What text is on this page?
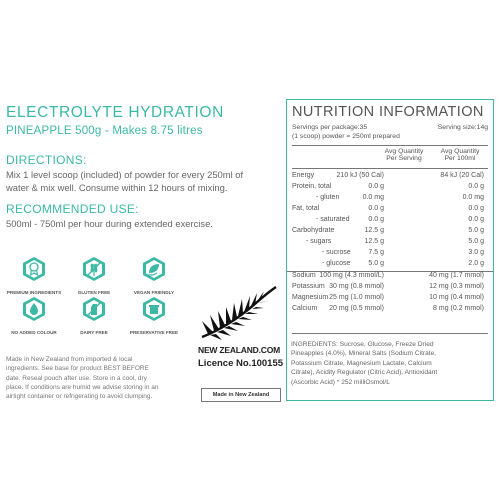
ELECTROLYTE HYDRATION
PINEAPPLE 500g - Makes 8.75 litres
DIRECTIONS:
Mix 1 level scoop (included) of powder for every 250ml of
water & mix well. Consume within 12 hours of mixing.
RECOMMENDED USE:
500ml - 750ml per hour during extended exercise.
PREMIUM INGREDIENTS	GLUTEN FREE	VEGAN FRIENDLY
NO ADDED COLOUR	DAIRY FREE	PRESERVATIVE FREE
Made in New Zealand from imported & local
ingredients. See base for product BEST BEFORE
date. Reseal pouch after use. Store in a cool, dry
place. If conditions are humid we advise storing in an
airtight container or refrigerating to avoid clumping.
NEW ZEALAND.COM
Licence No.100155
Made in New Zealand
NUTRITION INFORMATION
Servings per package:35	Serving size:14g
(1 scoop) powder = 250ml prepared
Avg Quantity
Per Serving
Avg Quantity
Per 100ml
Energy	210 kJ (50 Cal)	84 kJ (20 Cal)
Protein, total	0.0 g	0.0 g
- gluten	0.0 mg	0.0 mg
Fat, total	0.0 g	0.0 g
- saturated	0.0 g	0.0 g
Carbohydrate	12.5 g	5.0 g
- sugars	12.5 g	5.0 g
- sucrose	7.5 g	3.0 g
- glucose	5.0 g	2.0 g
Sodium 100 mg (4.3 mmol/L)	40 mg (1.7 mmol)
Potassium 30 mg (0.8 mmol)	12 mg (0.3 mmol)
Magnesium 25 mg (1.0 mmol)	10 mg (0.4 mmol)
Calcium 20 mg (0.5 mmol)	8 mg (0.2 mmol)
INGREDIENTS: Sucrose, Glucose, Freeze Dried
Pineapples (4.0%), Mineral Salts (Sodium Citrate,
Potassium Citrate, Magnesium Lactate, Calcium
Citrate), Acidity Regulator (Citric Acid), Antioxidant
(Ascorbic Acid) * 252 milliOsmol/L
